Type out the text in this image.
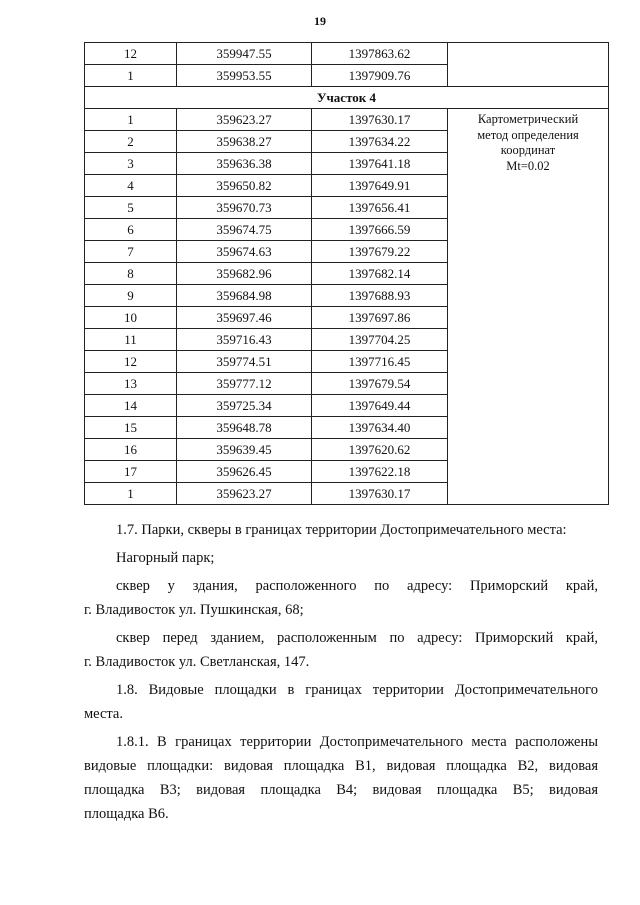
19
12	359947.55	1397863.62	
1	359953.55	1397909.76	
Участок 4			
1	359623.27	1397630.17	Картометрический
метод определения
координат
Mt=0.02

2	359638.27	1397634.22	
3	359636.38	1397641.18	
4	359650.82	1397649.91	
5	359670.73	1397656.41	
6	359674.75	1397666.59	
7	359674.63	1397679.22	
8	359682.96	1397682.14	
9	359684.98	1397688.93	
10	359697.46	1397697.86	
11	359716.43	1397704.25	
12	359774.51	1397716.45	
13	359777.12	1397679.54	
14	359725.34	1397649.44	
15	359648.78	1397634.40	
16	359639.45	1397620.62	
17	359626.45	1397622.18	
1	359623.27	1397630.17	

1.7. Парки, скверы в границах территории Достопримечательного места:

Нагорный парк;

сквер у здания, расположенного по адресу: Приморский край,
г. Владивосток ул. Пушкинская, 68;

сквер перед зданием, расположенным по адресу: Приморский край,
г. Владивосток ул. Светланская, 147.

1.8. Видовые площадки в границах территории Достопримечательного
места.

1.8.1. В границах территории Достопримечательного места расположены
видовые площадки: видовая площадка В1, видовая площадка В2, видовая
площадка В3; видовая площадка В4; видовая площадка В5; видовая
площадка В6.
